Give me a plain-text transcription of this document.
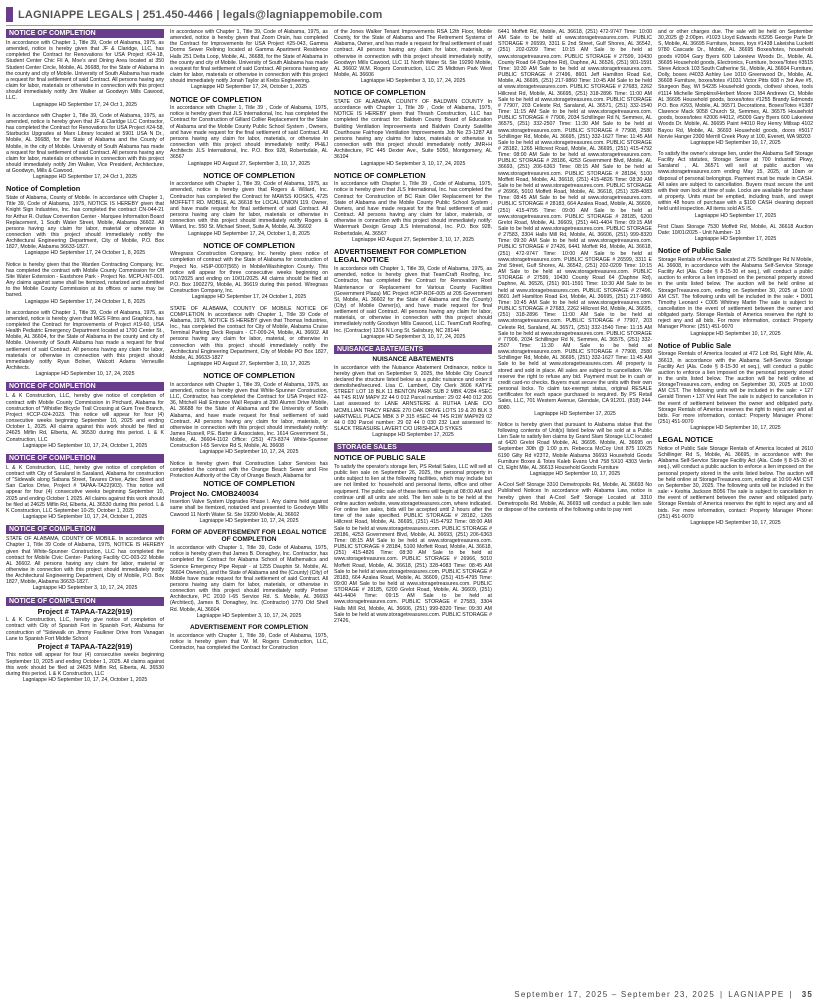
LAGNIAPPE LEGALS | 251.450-4466 | legals@lagniappemobile.com
NOTICE OF COMPLETION
In accordance with Chapter 1, Title 39, Code of Alabama, 1975, as amended, notice is hereby given that JF & Claridge, LLC, has completed the Contract for Renovations for USA Project #24-18, Student Center Chic Fil A, Moe's and Dining Area located at 350 Student Center Circle, Mobile, AL 36688, for the State of Alabama in the county and city of Mobile. University of South Alabama has made a request for final settlement of said Contract. All persons having any claim for labor, materials or otherwise in connection with this project should immediately notify Jim Walker at Goodwyn Mills Cawood, LLC.
Lagniappe HD September 17, 24 Oct 1, 2025
In accordance with Chapter 1, Title 39, Code of Alabama, 1975, as amended, notice is hereby given that JF & Claridge LLC Contractor, has completed the Contract for Renovations for USA Project #24-58, Starbucks Upgrades at Marx Library located at 5901 USA N Dr., Mobile, AL 36688, for the State of Alabama and the County of Mobile, in the city of Mobile. University of South Alabama has made a request for final settlement of said Contract. All persons having any claim for labor, materials or otherwise in connection with this project should immediately notify Jim Walker, Vice President, Architecture, at Goodwyn, Mills & Cawood.
Lagniappe HD September 17, 24 Oct 1, 2025
Notice of Completion
State of Alabama, County of Mobile. In accordance with Chapter 1, Title 39, Code of Alabama, 1975, NOTICE IS HEREBY given that Knight Sign Industries, Inc. has completed the contract CN-044-21 for Arthur R. Outlaw Convention Center - Marquee Information Board Replacement, 1 South Water Street, Mobile, Alabama 36602. All persons having any claim for labor, material or otherwise in connection with this project should immediately notify the Architectural Engineering Department, City of Mobile, P.O. Box 1827, Mobile, Alabama 36633-1827.
Lagniappe HD September 17, 24 October 1, 8, 2025
Notice is hereby given that the Warden Contracting Company, Inc. has completed the contract with Mobile County Commission for Off Site Water Extension - Eastshore Park - Project No. MCPU-NT-001. Any claims against same shall be itemized, notarized and submitted to the Mobile County Commission at its offices or same may be barred.
Lagniappe HD September 17, 24 October 1, 8, 2025
In accordance with Chapter 1, Title 39, Code of Alabama, 1975, as amended, notice is hereby given that MGS Films and Graphics, has completed the Contract for Improvements of Project #19-60, USA Health Pediatric Emergency Department located at 1700 Center St., Mobile, AL 36604, for the State of Alabama in the county and city of Mobile. University of South Alabama has made a request for final settlement of said Contract. All persons having any claim for labor, materials or otherwise in connection with this project should immediately notify Ryan Bolner, Walcott Adams Verneuille Architects.
Lagniappe HD September 10, 17, 24, 2025
NOTICE OF COMPLETION
L & K Construction, LLC, hereby give notice of completion of contract with Mobile County Commission in Prichard, Alabama for construction of "Whistler Bicycle Trail Crossing at Gum Tree Branch, Project #CCP-024-2023. This notice will appear for four (4) consecutive weeks beginning September 10, 2025 and ending October 1, 2025. All claims against this work should be filed at 24625 Miflin Rd, Elberta, AL 36530 during this period. L & K Construction, LLC
Lagniappe HD September 10, 17, 24, October 1, 2025
NOTICE OF COMPLETION
L & K Construction, LLC, hereby give notice of completion of contract with City of Saraland in Saraland, Alabama for construction of "Sidewalk along Sabana Street, Tavares Drive, Aztec Street and San Carlos Drive, Project # TAPAA-TA22(903). This notice will appear for four (4) consecutive weeks beginning September 10, 2025 and ending October 1 2025. All claims against this work should be filed at 24625 Miflin Rd, Elberta, AL 36530 during this period. L & K Construction, LLC September 10-25; October 1, 2025
Lagniappe HD September 10, 17, 24, October 1, 2025
NOTICE OF COMPLETION
STATE OF ALABAMA, COUNTY OF MOBILE. In accordance with Chapter 1, Title 39 Code of Alabama, 1975, NOTICE IS HEREBY given that White-Spunner Construction, LLC has completed the contract for Mobile Civic Center- Parking Facility CC-003-22 Mobile AL 36602. All persons having any claim for labor, material or otherwise in connection with this project should immediately notify the Architectural Engineering Department, City of Mobile, P.O. Box 1827, Mobile, Alabama 36633-1827.
Lagniappe HD September 3, 10, 17, 24, 2025
NOTICE OF COMPLETION
Project # TAPAA-TA22(919)
L & K Construction, LLC, hereby give notice of completion of contract with City of Spanish Fort in Spanish Fort, Alabama for construction of "Sidewalk on Jimmy Faulkner Drive from Vanagan Lane to Spanish Fort Middle School
Project # TAPAA-TA22(919)
This notice will appear for four (4) consecutive weeks beginning September 10, 2025 and ending October 1, 2025. All claims against this work should be filed at 24625 Miflin Rd, Elberta, AL 36530 during this period. L & K Construction, LLC
Lagniappe HD September 10, 17, 24, October 1, 2025
In accordance with Chapter 1, Title 39, Code of Alabama, 1975, as amended, notice is hereby given that Zoom Drain, has completed the Contract for Improvements for USA Project #25-043, Gamma Dorms Sewer Relining located at Gamma Apartment Residence Halls 251 Delta Loop, Mobile, AL, 36688, for the State of Alabama in the county and city of Mobile. University of South Alabama has made a request for final settlement of said Contract. All persons having any claim for labor, materials or otherwise in connection with this project should immediately notify Jonah Taylor at Krebs Engineering.
Lagniappe HD September 17, 24, October 1, 2025
NOTICE OF COMPLETION
In accordance with Chapter 1, Title 39 , Code of Alabama, 1975, notice is hereby given that JLS International, Inc. has completed the Contract for Construction of Gillard Collier Replacement for the State of Alabama and the Mobile County Public School System , Owners, and have made request for the final settlement of said Contract. All persons having any claim for labor, materials, or otherwise in connection with this project should immediately notify: PH&J Architects JLS International, Inc. P.O. Box 928, Robertsdale, AL 36567
Lagniappe HD August 27, September 3, 10, 17, 2025
NOTICE OF COMPLETION
In accordance with Chapter 1, Title 39, Code of Alabama, 1975, as amended, notice is hereby given that Rogers & Willard, Inc. Contractor has completed the Contract for MAWSS KIOSKS, 4725 MOFFETT RD. MOBILE, AL 36618 for LOCAL UNION 119. Owner, and have made request for final settlement of said Contract. All persons having any claim for labor, materials or otherwise in connection with this project should immediately notify Rogers & Willard, Inc. 550 St. Michael Street, Suite A, Mobile, AL 36602
Lagniappe HD September 17, 24, October 1, 8, 2025
NOTICE OF COMPLETION
Wiregrass Construction Company, Inc. hereby gives notice of completion of contract with the State of Alabama for construction of Project No. HSIP-0007(565) in Mobile/Washington County. This notice will appear for three consecutive weeks beginning on 9/17/2025 and ending on 10/01/2025. All claims should be filed at P.O. Box 1902279, Mobile, AL 36619 during this period. Wiregrass Construction Company, Inc.
Lagniappe HD September 17, 24 October 1, 2025
STATE OF ALABAMA, COUNTY OF MOBILE NOTICE OF COMPLETION In accordance with Chapter 1, Title 39 Code of Alabama, 1975, NOTICE IS HEREBY given that Thomas Industries, Inc., has completed the contract for City of Mobile, Alabama Cruise Terminal Parking Deck Repairs - CT-009-24, Mobile, AL 36602. All persons having any claim for labor, material, or otherwise in connection with this project should immediately notify the Architectural Engineering Department, City of Mobile PO Box 1827, Mobile, AL 36633-1827
Lagniappe HD August 27, September 3, 10, 17, 2025
NOTICE OF COMPLETION
In accordance with Chapter 1, Title 39, Code of Alabama, 1975, as amended, notice is hereby given that White-Spunner Construction, LLC, Contractor, has completed the Contract for USA Project #22-36, Mitchell Hall Entrance Wall Repairs at 390 Alumni Drive Mobile, AL 36688 for the State of Alabama and the University of South Alabama, and have made request for final settlement of said Contract. All persons having any claim for labor, materials, or otherwise in connection with this project should immediately notify: James Russell, P.E. Barter & Associates, Inc. 1614 Government St., Mobile, AL 36604-1102 Office: (251) 473-8374 White-Spunner Construction I-65 Service Rd S, Mobile, AL 36608
Lagniappe HD September 10, 17, 24, 2025
Notice is hereby given that Construction Labor Services has completed the contract with the Orange Beach Sewer and Fire Protection Authority of the City of Orange Beach, Alabama for
NOTICE OF COMPLETION
Project No. CMOB240034
Insertion Valve System Upgrades Phase I. Any claims held against same shall be itemized, notarized and presented to Goodwyn Mills Cawood 11 North Water St. Ste 19290 Mobile, AL 36602
Lagniappe HD September 10, 17, 24, 2025
FORM OF ADVERTISEMENT FOR LEGAL NOTICE OF COMPLETION
In accordance with Chapter 1, Title 39, Code of Alabama, 1975, notice is hereby given that James B. Donaghey, Inc. Contractor, has completed the Contract for Alabama School of Mathematics and Science Emergency Pipe Repair - at 1255 Dauphin St. Mobile, AL 36604 Owner(s), and the State of Alabama and the (County) (City) of Mobile have made request for final settlement of said Contract. All persons having any claim for labor, materials, or otherwise in connection with this project should immediately notify Portner Architecture, PC 2010 I-65 Service Rd. S. Mobile, AL 36693 (Architect), James B. Donaghey, Inc. (Contractor) 1770 Old Shell Rd. Mobile, AL 36604
Lagniappe HD September 3, 10, 17, 24, 2025
ADVERTISEMENT FOR COMPLETION
In accordance with Chapter 1, Title 39, Code of Alabama, 1975, notice is hereby given that W. M. Rogers Construction, LLC, Contractor, has completed the Contract for Construction
of the Jones Walker Tenant Improvements RSA 12th Floor, Mobile County, for the State of Alabama and The Retirement Systems of Alabama, Owner, and has made a request for final settlement of said contract. All persons having any claim for labor, materials, or otherwise in connection with this project should immediately notify, Goodwyn Mills Cawood, LLC 11 North Water St. Ste 19290 Mobile, AL 36602 W.M. Rogers Construction, LLC 25 Midtown Park West Mobile, AL 36606
Lagniappe HD September 3, 10, 17, 24, 2025
NOTICE OF COMPLETION
STATE OF ALABAMA, COUNTY OF BALDWIN COUNTY In accordance with Chapter 1, Title 39 , Code of Alabama, 1975, NOTICE IS HEREBY given that Thrash Construction, LLC has completed the contract for: Baldwin County Board of Education Building Ventilation Improvements and Baldwin County Satellite Courthouse Fairhope Ventilation Improvements Job No 23-1287 All persons having any claims for labor, materials or otherwise in connection with this project should immediately notify JMR+H Architecture, PC 445 Dexter Ave., Suite 5050, Montgomery, AL 36104
Lagniappe HD September 3, 10, 17, 24, 2025
NOTICE OF COMPLETION
In accordance with Chapter 1, Title 39 , Code of Alabama, 1975, notice is hereby given that JLS International, Inc. has completed the Contract for Construction of BC Rain Oiler Replacement for the State of Alabama and the Mobile County Public School System , Owners, and have made request for the final settlement of said Contract. All persons having any claim for labor, materials, or otherwise in connection with this project should immediately notify: Watermark Design Group JLS International, Inc. P.O. Box 928, Robertsdale, AL 36567
Lagniappe HD August 27, September 3, 10, 17, 2025
ADVERTISEMENT FOR COMPLETION LEGAL NOTICE
In accordance with Chapter 1, Title 39, Code of Alabama, 1975, as amended, notice is hereby given that TeamCraft Roofing, Inc. Contractor, has completed the Contract for Renovation Roof Maintenance or Replacement for Various County Facilities (Government Plaza) MC Project #CIP-ROF-005 at 205 Government St, Mobile, AL 36602 for the State of Alabama and the (County) (City) of Mobile Owner(s), and have made request for final settlement of said Contract. All persons having any claim for labor, materials, or otherwise in connection with this project should immediately notify Goodwyn Mills Cawood, LLC. TeamCraft Roofing, Inc. (Contractor) 1316 N Long St. Salisbury, NC 28144
Lagniappe HD September 3, 10, 17, 24, 2025
NUISANCE ABATEMENTS
NUISANCE ABATEMENTS
In accordance with the Nuisance Abatement Ordinance, notice is hereby given that on September 9, 2025, the Mobile City Council declared the structure listed below as a public nuisance and order it demolished/secured. Lisa C. Lambert, City Clerk 3606 KATYE STREET LOT 18 BLK 11 BENTON PARK SUB 2 MBK 4/284 #SEC 44 T4S R1W MAP# 22 44 0 012 Parcel number: 29 02 440 012 206 Last assessed to: LANE ARNSTERE & RUTHA LANE C/O MCMILLIAN TRACY RENEE 270 OAK DRIVE LOTS 19 & 20 BLK 3 HARTWELL PLACE MBK 3 P 315 #SEC 44 T4S R1W MAP#29 02 44 0 030 Parcel number: 29 02 44 0 030 232 Last assessed to: SLACK TREASURE LAVERT C/O URISHICA D SYKES
Lagniappe HD September 17, 2025
STORAGE SALES
NOTICE OF PUBLIC SALE
To satisfy the operator's storage lien, PS Retail Sales, LLC will sell at public lien sale on September 26, 2025, the personal property in units subject to lien at the following facilities, which may include but are not limited to: household and personal items, office and other equipment. The public sale of these items will begin at 08:00 AM and continue until all units are sold. The lien sale is to be held at the online auction website, www.storagetreasures.com, where indicated. For online lien sales, bids will be accepted until 2 hours after the time of the sale specified. PUBLIC STORAGE # 28182, 1265 Hillcrest Road, Mobile, AL 36695, (251) 415-4792 Time: 08:00 AM Sale to be held at www.storagetreasures.com. PUBLIC STORAGE # 28186, 4253 Government Blvd, Mobile, AL 36693, (251) 206-6363 Time: 08:15 AM Sale to be held at www.storagetreasures.com. PUBLIC STORAGE # 28184, 5100 Moffett Road, Mobile, AL 36618, (251) 415-4826 Time: 08:30 AM Sale to be held at www.storagetreasures.com. PUBLIC STORAGE # 26966, 5010 Moffett Road, Mobile, AL 36618, (251) 328-4083 Time: 08:45 AM Sale to be held at www.storagetreasures.com. PUBLIC STORAGE # 28183, 664 Azalea Road, Mobile, AL 36609, (251) 415-4795 Time: 09:00 AM Sale to be held at www.storagetreasures.com. PUBLIC STORAGE # 28185, 6200 Grelot Road, Mobile, AL 36609, (251) 441-4404 Time: 09:15 AM Sale to be held at www.storagetreasures.com. PUBLIC STORAGE # 27583, 3304 Halls Mill Rd, Mobile, AL 36606, (251) 999-8320 Time: 09:30 AM Sale to be held at www.storagetreasures.com. PUBLIC STORAGE # 27426,
6441 Moffett Rd, Mobile, AL 36618, (251) 472-9747 Time: 10:00 AM Sale to be held at www.storagetreasures.com. PUBLIC STORAGE # 26599, 3311 E 2nd Street, Gulf Shores, AL 36542, (251) 202-0209 Time: 10:15 AM Sale to be held at www.storagetreasures.com. PUBLIC STORAGE # 27599, 10430 County Road 64 (Daphne Rd), Daphne, AL 36526, (251) 901-1591 Time: 10:30 AM Sale to be held at www.storagetreasures.com. PUBLIC STORAGE # 27496, 8601 Jeff Hamilton Road Ext, Mobile, AL 36695, (251) 217-9860 Time: 10:45 AM Sale to be held at www.storagetreasures.com. PUBLIC STORAGE # 27683, 2262 Hillcrest Rd, Mobile, AL 36695, (251) 318-2896 Time: 11:00 AM Sale to be held at www.storagetreasures.com. PUBLIC STORAGE # 77907, 203 Celeste Rd, Saraland, AL 36571, (251) 332-1540 Time: 11:15 AM Sale to be held at www.storagetreasures.com. PUBLIC STORAGE # 77906, 2034 Schillinger Rd N, Semmes, AL 36575, (251) 332-2507 Time: 11:30 AM Sale to be held at www.storagetreasures.com. PUBLIC STORAGE # 77908, 2580 Schillinger Rd, Mobile, AL 36695, (251) 332-1627 Time: 11:45 AM Sale to be held at www.storagetreasures.com. PUBLIC STORAGE # 28182, 1265 Hillcrest Road, Mobile, AL 36695, (251) 415-4792 Time: 08:00 AM Sale to be held at www.storagetreasures.com. PUBLIC STORAGE # 28186, 4253 Government Blvd, Mobile, AL 36693, (251) 206-6363 Time: 08:15 AM Sale to be held at www.storagetreasures.com. PUBLIC STORAGE # 28184, 5100 Moffett Road, Mobile, AL 36618, (251) 415-4826 Time: 08:30 AM Sale to be held at www.storagetreasures.com. PUBLIC STORAGE # 26966, 5010 Moffett Road, Mobile, AL 36618, (251) 328-4083 Time: 08:45 AM Sale to be held at www.storagetreasures.com. PUBLIC STORAGE # 28183, 664 Azalea Road, Mobile, AL 36609, (251) 415-4795 Time: 09:00 AM Sale to be held at www.storagetreasures.com. PUBLIC STORAGE # 28185, 6200 Grelot Road, Mobile, AL 36609, (251) 441-4404 Time: 09:15 AM Sale to be held at www.storagetreasures.com. PUBLIC STORAGE # 27583, 3304 Halls Mill Rd, Mobile, AL 36606, (251) 999-8320 Time: 09:30 AM Sale to be held at www.storagetreasures.com. PUBLIC STORAGE # 27426, 6441 Moffett Rd, Mobile, AL 36618, (251) 472-9747 Time: 10:00 AM Sale to be held at www.storagetreasures.com. PUBLIC STORAGE # 26599, 3311 E 2nd Street, Gulf Shores, AL 36542, (251) 202-0209 Time: 10:15 AM Sale to be held at www.storagetreasures.com. PUBLIC STORAGE # 27599, 10430 County Road 64 (Daphne Rd), Daphne, AL 36526, (251) 901-1591 Time: 10:30 AM Sale to be held at www.storagetreasures.com. PUBLIC STORAGE # 27496, 8601 Jeff Hamilton Road Ext, Mobile, AL 36695, (251) 217-9860 Time: 10:45 AM Sale to be held at www.storagetreasures.com. PUBLIC STORAGE # 27683, 2262 Hillcrest Rd, Mobile, AL 36695, (251) 318-2896 Time: 11:00 AM Sale to be held at www.storagetreasures.com. PUBLIC STORAGE # 77907, 203 Celeste Rd, Saraland, AL 36571, (251) 332-1540 Time: 11:15 AM Sale to be held at www.storagetreasures.com. PUBLIC STORAGE # 77906, 2034 Schillinger Rd N, Semmes, AL 36575, (251) 332-2507 Time: 11:30 AM Sale to be held at www.storagetreasures.com. PUBLIC STORAGE # 77908, 2580 Schillinger Rd, Mobile, AL 36695, (251) 332-1627 Time: 11:45 AM Sale to be held at www.storagetreasures.com. All property is stored and sold in place. All sales are subject to cancellation. We reserve the right to refuse any bid. Payment must be in cash or credit card-no checks. Buyers must secure the units with their own personal locks. To claim tax-exempt status, original RESALE certificates for each space purchased is required. By PS Retail Sales, LLC, 701 Western Avenue, Glendale, CA 91201. (818) 244-8080.
Lagniappe HD September 17, 2025
Notice is hereby given that pursuant to Alabama statue that the following contents of Unit(s) listed below will be sold at a Public Lien Sale to satisfy lien claims by Grand Slam Storage LLC located at 6420 Grelot Road Mobile, AL 36695. Mobile, AL 36695 on September 30th @ 1:00 p.m. Rebecca McCoy Unit 875 10X25 6190 Gilty Rd #23T2, Mobile Alabama 36693 Household Goods Furniture Boxes & Totes Kaleb Evans Unit 758 5X10 4303 Verlin Ct, Eight Mile, AL 36613 Household Goods Furniture
Lagniappe HD September 10, 17, 2025
A-Cool Self Storage 3310 Demetropolis Rd, Mobile, AL 36693 No Published Notices In accordance with Alabama Law, notice is hereby given that A-Cool Self Storage Located at 3310 Demetropolis Rd. Mobile, AL 36693 will conduct a public lien sale or dispose of the contents of the following units to pay rent
and or other charges due. The sale will be held on September 30,2025 @ 2:00pm. #1023 Lloyd Edwards #3295 George Parle Dr S, Mobile, AL 36695 Furniture, boxes, toys #1438 Lakeisha Luckett 9780 Cascade Dr., Mobile, AL 36695 Boxes/totes, household goods #2004 Gary Byers 600 Lakeview Woods Dr., Mobile, AL 36695 Household goods, Electronics, Furniture, boxes/Totes #3515 Steve Adcock 103 South Catherine St., Mobile, AL 36604 Furniture, Dolly, boxes #4033 Ashley Lee 1010 Greenwood Dr., Mobile, AL 36608 Furniture, boxes/totes #1031 Victor Pitts 608 n 3rd Ave #5, Sturgeon Bay, WI 54235 Household goods, clothes/ shoes, tools #1114 Michelle Simpkins/Herbert Moore 3184 Andrews Ct, Mobile AL 36695 Household goods, boxes/totes #1255 Brandy Edmonds P.O. Box #293, Mobile, AL 36571 Decorations, Boxes/Totes #1387 Clarence Mack 9058 Church St, Semmes, AL 36575 Household goods, boxes/totes #2006 #4012, #5009 Gary Byers 600 Lakeview Woods Dr. Mobile, AL 36695 Paint #4010 Roy Henry Millsap 4102 Bayou Rd, Mobile, AL 36693 Household goods, doors #5017 Norvie Hanger 2300 Merrill Creek Pkwy st 100, Everett, WA 98203
Lagniappe HD September 10, 17, 2025
To satisfy the owner's storage lien, under the Alabama Self Storage Facility Act statutes, Storage Sense at 700 Industrial Pkwy, Saraland , AL 36571 will sell at public auction via www.storagetreasures.com ending May 15, 2025, at 10am or disposal of personal belongings. Payment must be made in CASH. All sales are subject to cancellation. Buyers must secure the unit with their own lock at time of sale. Locks are available for purchase at property. Units must be emptied, including trash, and swept within 48 hours of purchase with a $100 CASH cleaning deposit held until inspection. All items sold AS IS.
Lagniappe HD September 17, 2025
First Class Storage 7530 Moffett Rd, Mobile, AL 36618 Auction Date: 10/01/2025 - Unit Number- 13
Lagniappe HD September 17, 2025
Notice of Public Sale
Storage Rentals of America located at 275 Schillinger Rd N Mobile, AL 36608, in accordance with the Alabama Self-Service Storage Facility Act (Ala. Code § 8-15-30 et seq.), will conduct a public auction to enforce a lien imposed on the personal property stored in the units listed below. The auction will be held online at StorageTreasures.com, ending on September 30, 2025 at 10:00 AM CST. The following units will be included in the sale: • D001 Timothy Leonard • C005 Whitney Martin The sale is subject to cancellation in the event of settlement between the owner and obligated party. Storage Rentals of America reserves the right to reject any and all bids. For more information, contact: Property Manager Phone: (251) 451-9070
Lagniappe HD September 10, 17, 2025
Notice of Public Sale
Storage Rentals of America located at 472 Lott Rd, Eight Mile, AL 36613, in accordance with the Alabama Self-Service Storage Facility Act (Ala. Code § 8-15-30 et seq.), will conduct a public auction to enforce a lien imposed on the personal property stored in the units listed below. The auction will be held online at StorageTreasures.com, ending on September 30, 2025 at 10:00 AM CST. The following units will be included in the sale: • 127 Gerald Tinnen • 137 Vini Hart The sale is subject to cancellation in the event of settlement between the owner and obligated party. Storage Rentals of America reserves the right to reject any and all bids. For more information, contact: Property Manager Phone: (251) 451-9070
Lagniappe HD September 10, 17, 2025
LEGAL NOTICE
Notice of Public Sale Storage Rentals of America located at 2610 Schillinger Rd S, Mobile, AL 36695, in accordance with the Alabama Self-Service Storage Facility Act (Ala. Code § 8-15-30 et seq.), will conduct a public auction to enforce a lien imposed on the personal property stored in the units listed below. The auction will be held online at StorageTreasures.com, ending at 10:00 AM CST on September 30, 2025. The following units will be included in the sale: • Keshia Jackson B056 The sale is subject to cancellation in the event of settlement between the owner and obligated party. Storage Rentals of America reserves the right to reject any and all bids. For more information, contact: Property Manager Phone: (251) 451-9070
Lagniappe HD September 10, 17, 2025
September 17, 2025 – September 23, 2025 | LAGNIAPPE | 35
